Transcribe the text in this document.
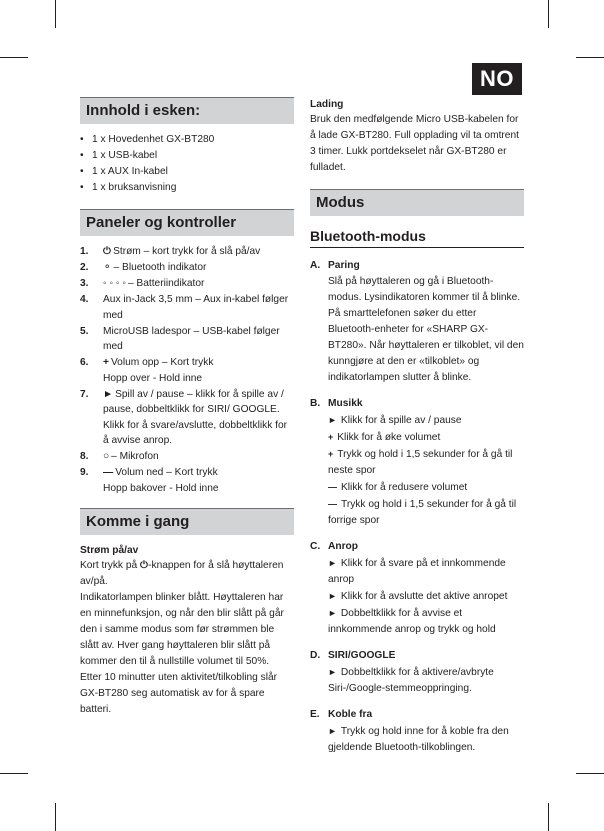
NO
Innhold i esken:
• 1 x Hovedenhet GX-BT280
• 1 x USB-kabel
• 1 x AUX In-kabel
• 1 x bruksanvisning
Paneler og kontroller
1.	⏻ Strøm – kort trykk for å slå på/av
2.	⚬ – Bluetooth indikator
3.	◦ ◦ ◦ ◦ – Batteriindikator
4.	Aux in-Jack 3,5 mm – Aux in-kabel følger med
5.	MicroUSB ladespor – USB-kabel følger med
6.	+ Volum opp – Kort trykk
Hopp over - Hold inne
7.	► Spill av / pause – klikk for å spille av / pause, dobbeltklikk for SIRI/ GOOGLE. Klikk for å svare/avslutte, dobbeltklikk for å avvise anrop.
8.	○ – Mikrofon
9.	— Volum ned – Kort trykk
Hopp bakover - Hold inne
Komme i gang
Strøm på/av
Kort trykk på ⏻-knappen for å slå høyttaleren av/på.
Indikatorlampen blinker blått. Høyttaleren har en minnefunksjon, og når den blir slått på går den i samme modus som før strømmen ble slått av. Hver gang høyttaleren blir slått på kommer den til å nullstille volumet til 50%.
Etter 10 minutter uten aktivitet/tilkobling slår GX-BT280 seg automatisk av for å spare batteri.
Lading
Bruk den medfølgende Micro USB-kabelen for å lade GX-BT280. Full opplading vil ta omtrent 3 timer. Lukk portdekselet når GX-BT280 er fulladet.
Modus
Bluetooth-modus
A. Paring
Slå på høyttaleren og gå i Bluetooth-modus. Lysindikatoren kommer til å blinke. På smarttelefonen søker du etter Bluetooth-enheter for «SHARP GX-BT280». Når høyttaleren er tilkoblet, vil den kunngjøre at den er «tilkoblet» og indikatorlampen slutter å blinke.
B. Musikk
► Klikk for å spille av / pause
+ Klikk for å øke volumet
+ Trykk og hold i 1,5 sekunder for å gå til neste spor
— Klikk for å redusere volumet
— Trykk og hold i 1,5 sekunder for å gå til forrige spor
C. Anrop
► Klikk for å svare på et innkommende anrop
► Klikk for å avslutte det aktive anropet
► Dobbeltklikk for å avvise et innkommende anrop og trykk og hold
D. SIRI/GOOGLE
► Dobbeltklikk for å aktivere/avbryte Siri-/Google-stemmeoppringing.
E. Koble fra
► Trykk og hold inne for å koble fra den gjeldende Bluetooth-tilkoblingen.
